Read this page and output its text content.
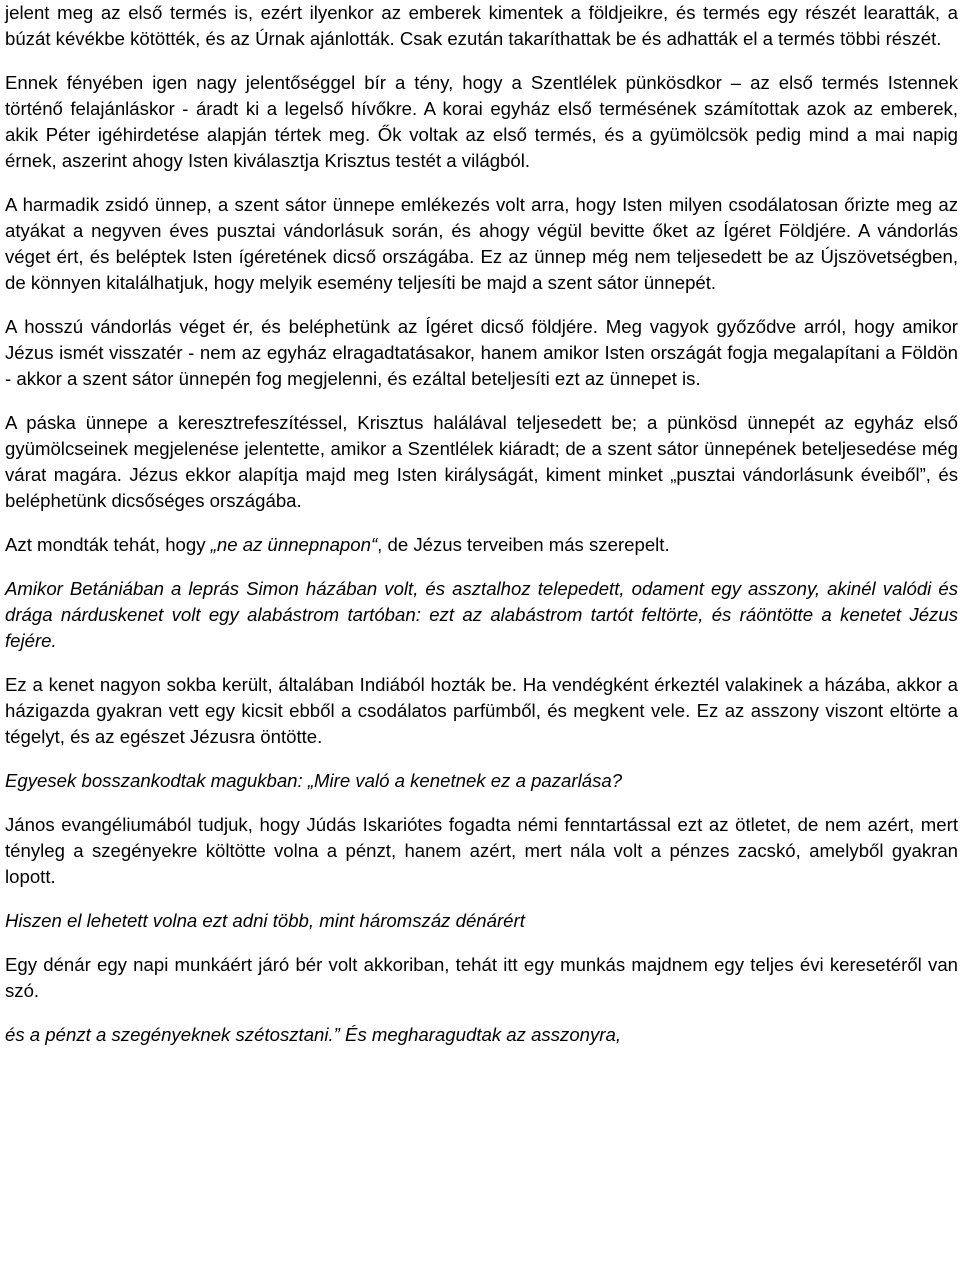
jelent meg az első termés is, ezért ilyenkor az emberek kimentek a földjeikre, és termés egy részét learatták, a búzát kévékbe kötötték, és az Úrnak ajánlották. Csak ezután takaríthattak be és adhatták el a termés többi részét.

Ennek fényében igen nagy jelentőséggel bír a tény, hogy a Szentlélek pünkösdkor – az első termés Istennek történő felajánláskor - áradt ki a legelső hívőkre. A korai egyház első termésének számítottak azok az emberek, akik Péter igéhirdetése alapján tértek meg. Ők voltak az első termés, és a gyümölcsök pedig mind a mai napig érnek, aszerint ahogy Isten kiválasztja Krisztus testét a világból.

A harmadik zsidó ünnep, a szent sátor ünnepe emlékezés volt arra, hogy Isten milyen csodálatosan őrizte meg az atyákat a negyven éves pusztai vándorlásuk során, és ahogy végül bevitte őket az Ígéret Földjére. A vándorlás véget ért, és beléptek Isten ígéretének dicső országába. Ez az ünnep még nem teljesedett be az Újszövetségben, de könnyen kitalálhatjuk, hogy melyik esemény teljesíti be majd a szent sátor ünnepét.

A hosszú vándorlás véget ér, és beléphetünk az Ígéret dicső földjére. Meg vagyok győződve arról, hogy amikor Jézus ismét visszatér - nem az egyház elragadtatásakor, hanem amikor Isten országát fogja megalapítani a Földön - akkor a szent sátor ünnepén fog megjelenni, és ezáltal beteljesíti ezt az ünnepet is.

A páska ünnepe a keresztrefeszítéssel, Krisztus halálával teljesedett be; a pünkösd ünnepét az egyház első gyümölcseinek megjelenése jelentette, amikor a Szentlélek kiáradt; de a szent sátor ünnepének beteljesedése még várat magára. Jézus ekkor alapítja majd meg Isten királyságát, kiment minket „pusztai vándorlásunk éveiből”, és beléphetünk dicsőséges országába.

Azt mondták tehát, hogy „ne az ünnepnapon“, de Jézus terveiben más szerepelt.

Amikor Betániában a leprás Simon házában volt, és asztalhoz telepedett, odament egy asszony, akinél valódi és drága nárduskenet volt egy alabástrom tartóban: ezt az alabástrom tartót feltörte, és ráöntötte a kenetet Jézus fejére.

Ez a kenet nagyon sokba került, általában Indiából hozták be. Ha vendégként érkeztél valakinek a házába, akkor a házigazda gyakran vett egy kicsit ebből a csodálatos parfümből, és megkent vele. Ez az asszony viszont eltörte a tégelyt, és az egészet Jézusra öntötte.

Egyesek bosszankodtak magukban: „Mire való a kenetnek ez a pazarlása?

János evangéliumából tudjuk, hogy Júdás Iskariótes fogadta némi fenntartással ezt az ötletet, de nem azért, mert tényleg a szegényekre költötte volna a pénzt, hanem azért, mert nála volt a pénzes zacskó, amelyből gyakran lopott.

Hiszen el lehetett volna ezt adni több, mint háromszáz dénárért

Egy dénár egy napi munkáért járó bér volt akkoriban, tehát itt egy munkás majdnem egy teljes évi keresetéről van szó.

és a pénzt a szegényeknek szétosztani.” És megharagudtak az asszonyra,
